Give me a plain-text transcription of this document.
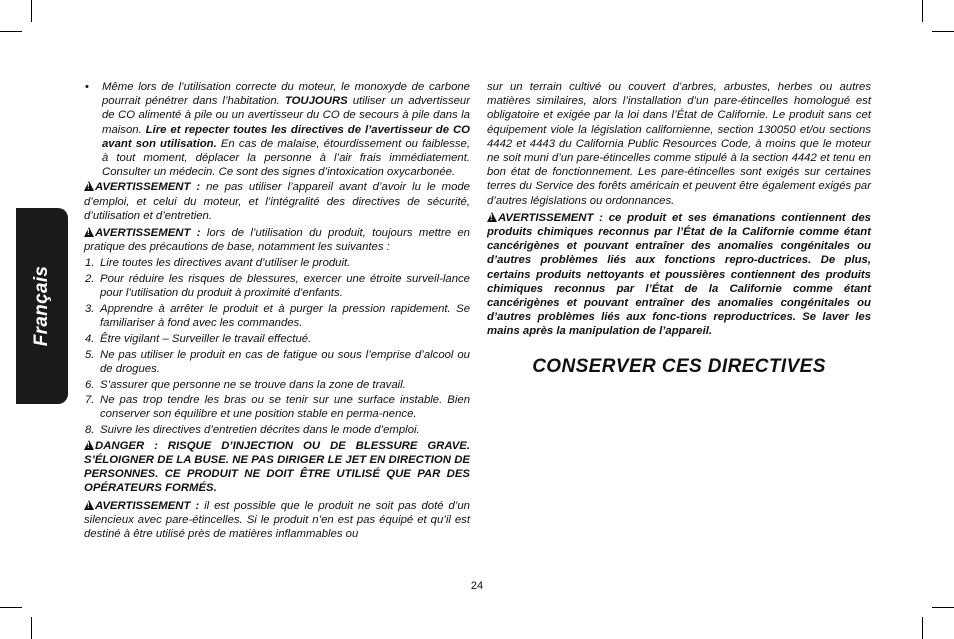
Français

• Même lors de l’utilisation correcte du moteur, le monoxyde de carbone pourrait pénétrer dans l’habitation. TOUJOURS utiliser un advertisseur de CO alimenté à pile ou un avertisseur du CO de secours à pile dans la maison. Lire et repecter toutes les directives de l’avertisseur de CO avant son utilisation. En cas de malaise, étourdissement ou faiblesse, à tout moment, déplacer la personne à l’air frais immédiatement. Consulter un médecin. Ce sont des signes d’intoxication oxycarbonée.

!AVERTISSEMENT : ne pas utiliser l’appareil avant d’avoir lu le mode d’emploi, et celui du moteur, et l’intégralité des directives de sécurité, d’utilisation et d’entretien.

!AVERTISSEMENT : lors de l’utilisation du produit, toujours mettre en pratique des précautions de base, notamment les suivantes :

1. Lire toutes les directives avant d’utiliser le produit.
2. Pour réduire les risques de blessures, exercer une étroite surveil-lance pour l’utilisation du produit à proximité d’enfants.
3. Apprendre à arrêter le produit et à purger la pression rapidement. Se familiariser à fond avec les commandes.
4. Être vigilant – Surveiller le travail effectué.
5. Ne pas utiliser le produit en cas de fatigue ou sous l’emprise d’alcool ou de drogues.
6. S’assurer que personne ne se trouve dans la zone de travail.
7. Ne pas trop tendre les bras ou se tenir sur une surface instable. Bien conserver son équilibre et une position stable en perma-nence.
8. Suivre les directives d’entretien décrites dans le mode d’emploi.

!DANGER : RISQUE D’INJECTION OU DE BLESSURE GRAVE. S’ÉLOIGNER DE LA BUSE. NE PAS DIRIGER LE JET EN DIRECTION DE PERSONNES. CE PRODUIT NE DOIT ÊTRE UTILISÉ QUE PAR DES OPÉRATEURS FORMÉS.

!AVERTISSEMENT : il est possible que le produit ne soit pas doté d’un silencieux avec pare-étincelles. Si le produit n’en est pas équipé et qu’il est destiné à être utilisé près de matières inflammables ou

sur un terrain cultivé ou couvert d’arbres, arbustes, herbes ou autres matières similaires, alors l’installation d’un pare-étincelles homologué est obligatoire et exigée par la loi dans l’État de Californie. Le produit sans cet équipement viole la législation californienne, section 130050 et/ou sections 4442 et 4443 du California Public Resources Code, à moins que le moteur ne soit muni d’un pare-étincelles comme stipulé à la section 4442 et tenu en bon état de fonctionnement. Les pare-étincelles sont exigés sur certaines terres du Service des forêts américain et peuvent être également exigés par d’autres législations ou ordonnances.

!AVERTISSEMENT : ce produit et ses émanations contiennent des produits chimiques reconnus par l’État de la Californie comme étant cancérigènes et pouvant entraîner des anomalies congénitales ou d’autres problèmes liés aux fonctions repro-ductrices. De plus, certains produits nettoyants et poussières contiennent des produits chimiques reconnus par l’État de la Californie comme étant cancérigènes et pouvant entraîner des anomalies congénitales ou d’autres problèmes liés aux fonc-tions reproductrices. Se laver les mains après la manipulation de l’appareil.

CONSERVER CES DIRECTIVES
24
